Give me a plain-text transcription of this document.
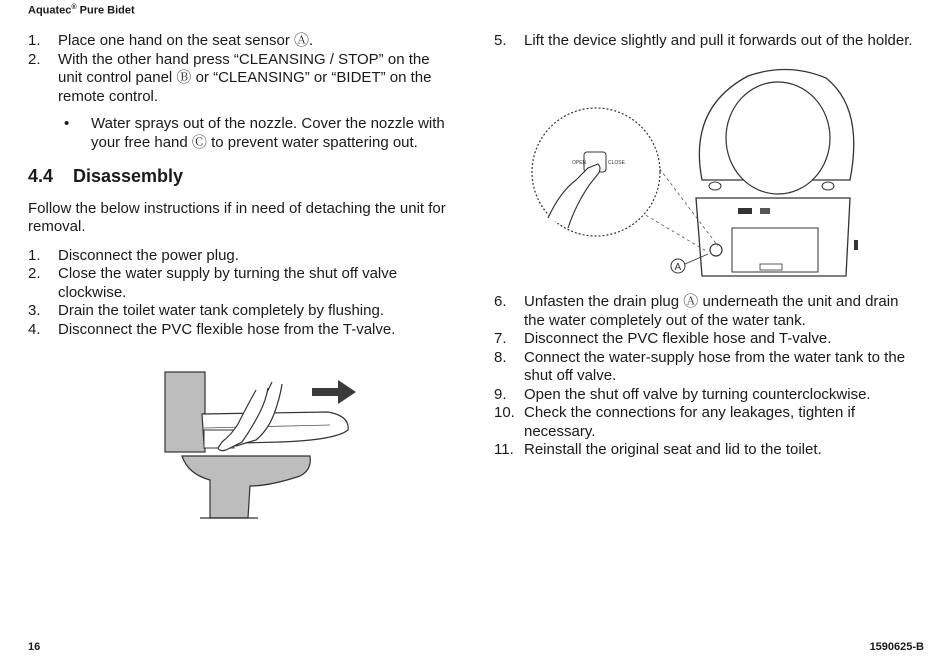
Aquatec® Pure Bidet
1. Place one hand on the seat sensor Ⓐ.
2. With the other hand press “CLEANSING / STOP” on the unit control panel Ⓑ or “CLEANSING” or “BIDET” on the remote control.
• Water sprays out of the nozzle. Cover the nozzle with your free hand Ⓒ to prevent water spattering out.
4.4 Disassembly
Follow the below instructions if in need of detaching the unit for removal.
1. Disconnect the power plug.
2. Close the water supply by turning the shut off valve clockwise.
3. Drain the toilet water tank completely by flushing.
4. Disconnect the PVC flexible hose from the T-valve.
5. Lift the device slightly and pull it forwards out of the holder.
OPEN	CLOSE
A
6. Unfasten the drain plug Ⓐ underneath the unit and drain the water completely out of the water tank.
7. Disconnect the PVC flexible hose and T-valve.
8. Connect the water-supply hose from the water tank to the shut off valve.
9. Open the shut off valve by turning counterclockwise.
10. Check the connections for any leakages, tighten if necessary.
11. Reinstall the original seat and lid to the toilet.
16	1590625-B
